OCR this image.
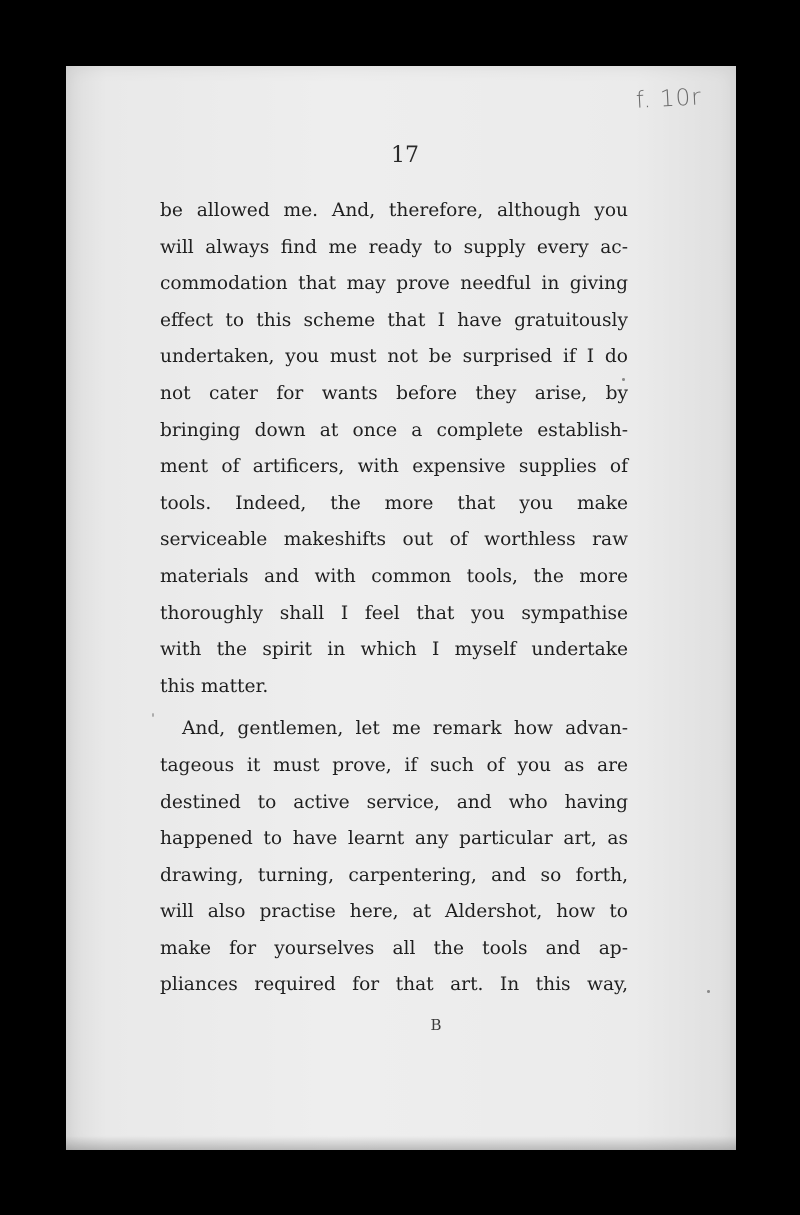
f. 10r
17
be allowed me. And, therefore, although you
will always find me ready to supply every ac-
commodation that may prove needful in giving
effect to this scheme that I have gratuitously
undertaken, you must not be surprised if I do
not cater for wants before they arise, by
bringing down at once a complete establish-
ment of artificers, with expensive supplies of
tools. Indeed, the more that you make
serviceable makeshifts out of worthless raw
materials and with common tools, the more
thoroughly shall I feel that you sympathise
with the spirit in which I myself undertake
this matter.
And, gentlemen, let me remark how advan-
tageous it must prove, if such of you as are
destined to active service, and who having
happened to have learnt any particular art, as
drawing, turning, carpentering, and so forth,
will also practise here, at Aldershot, how to
make for yourselves all the tools and ap-
pliances required for that art. In this way,
B
